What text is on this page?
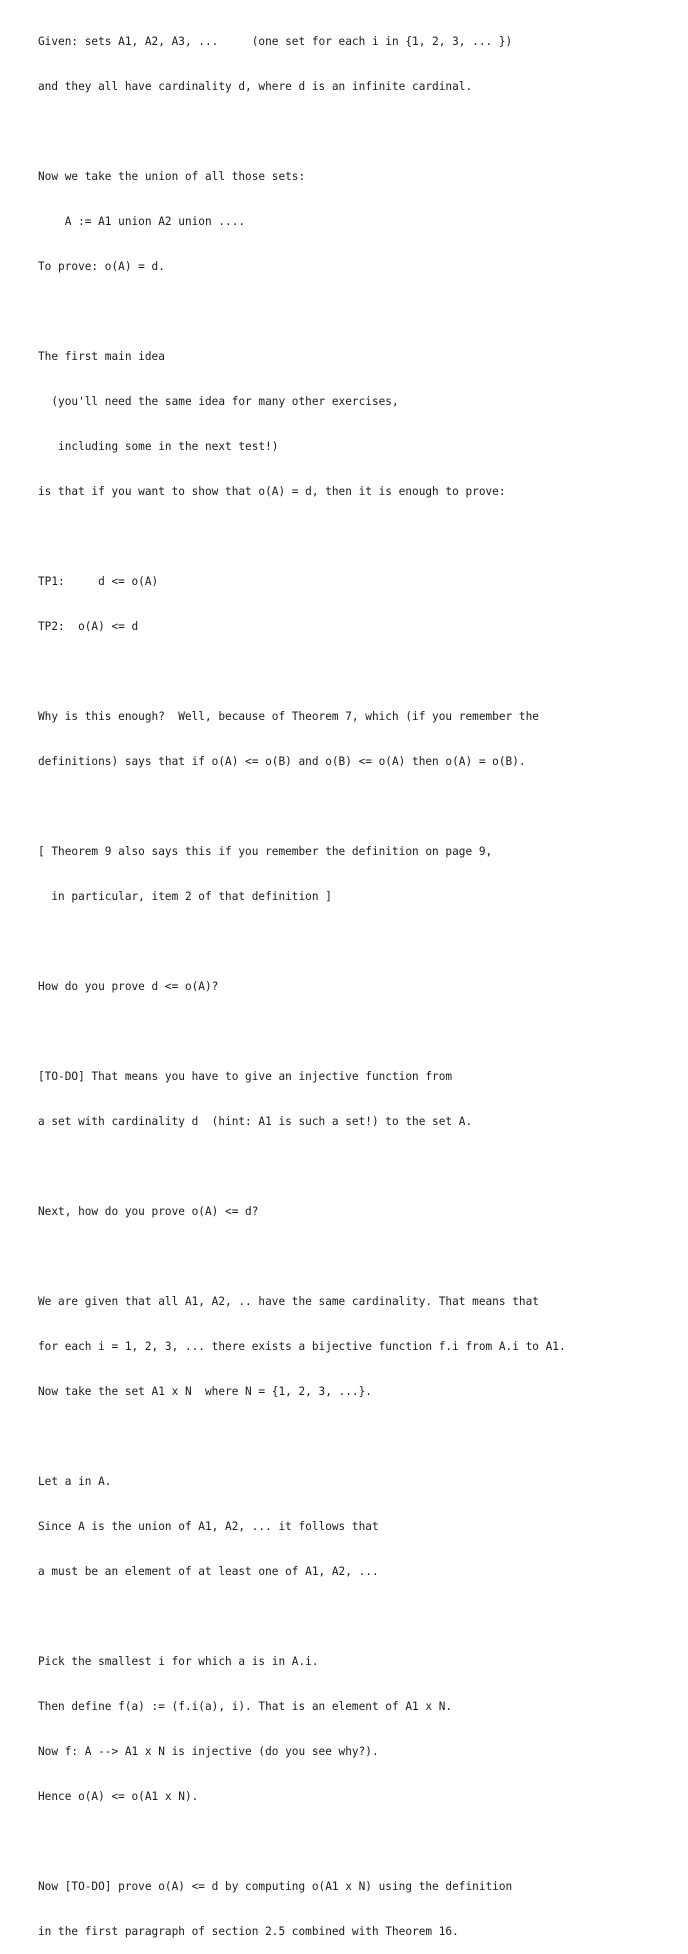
Given: sets A1, A2, A3, ...     (one set for each i in {1, 2, 3, ... })

and they all have cardinality d, where d is an infinite cardinal.

Now we take the union of all those sets:

A := A1 union A2 union ....

To prove: o(A) = d.

The first main idea

(you'll need the same idea for many other exercises,

including some in the next test!)

is that if you want to show that o(A) = d, then it is enough to prove:

TP1:     d <= o(A)

TP2:  o(A) <= d

Why is this enough?  Well, because of Theorem 7, which (if you remember the

definitions) says that if o(A) <= o(B) and o(B) <= o(A) then o(A) = o(B).

[ Theorem 9 also says this if you remember the definition on page 9,

in particular, item 2 of that definition ]

How do you prove d <= o(A)?

[TO-DO] That means you have to give an injective function from

a set with cardinality d  (hint: A1 is such a set!) to the set A.

Next, how do you prove o(A) <= d?

We are given that all A1, A2, .. have the same cardinality. That means that

for each i = 1, 2, 3, ... there exists a bijective function f.i from A.i to A1.

Now take the set A1 x N  where N = {1, 2, 3, ...}.

Let a in A.

Since A is the union of A1, A2, ... it follows that

a must be an element of at least one of A1, A2, ...

Pick the smallest i for which a is in A.i.

Then define f(a) := (f.i(a), i). That is an element of A1 x N.

Now f: A --> A1 x N is injective (do you see why?).

Hence o(A) <= o(A1 x N).

Now [TO-DO] prove o(A) <= d by computing o(A1 x N) using the definition

in the first paragraph of section 2.5 combined with Theorem 16.
